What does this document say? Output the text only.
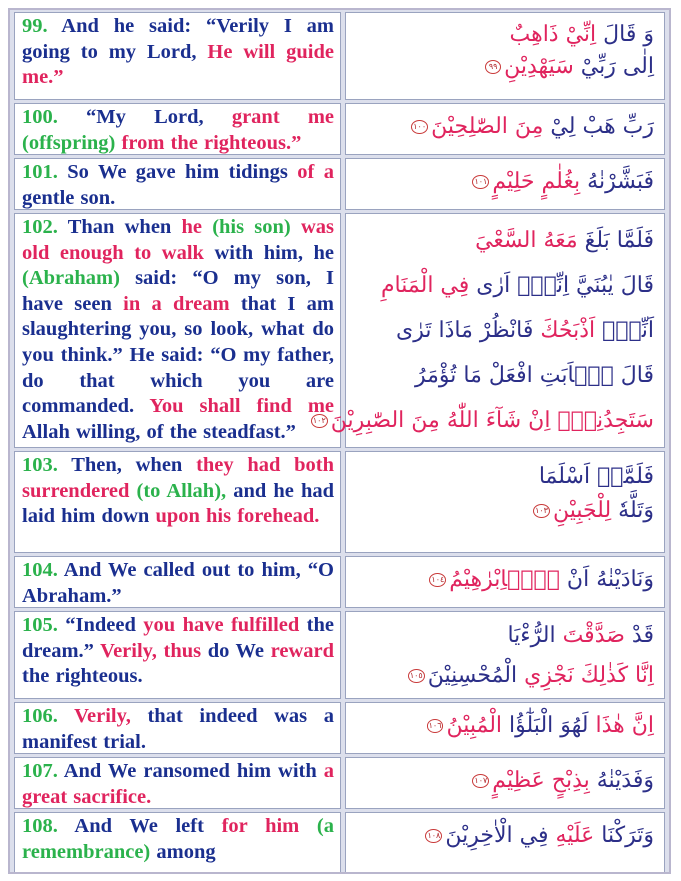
99. And he said: “Verily I am going to my Lord, He will guide me.”

وَ قَالَ اِنِّيْ ذَاهِبٌ
اِلٰى رَبِّيْ سَيَهْدِيْنِ٩٩

100. “My Lord, grant me (offspring) from the righteous.”

رَبِّ هَبْ لِيْ مِنَ الصّٰلِحِيْنَ١٠٠

101. So We gave him tidings of a gentle son.

فَبَشَّرْنٰهُ بِغُلٰمٍ حَلِيْمٍ١٠١

102. Than when he (his son) was old enough to walk with him, he (Abraham) said: “O my son, I have seen in a dream that I am slaughtering you, so look, what do you think.” He said: “O my father, do that which you are commanded. You shall find me Allah willing, of the steadfast.”

فَلَمَّا بَلَغَ مَعَهُ السَّعْيَ
قَالَ يٰبُنَيَّ اِنِّيْۤ اَرٰى فِي الْمَنَامِ
اَنِّيْۤ اَذْبَحُكَ فَانْظُرْ مَاذَا تَرٰى
قَالَ يٰۤاَبَتِ افْعَلْ مَا تُؤْمَرُ
سَتَجِدُنِيْۤ اِنْ شَآءَ اللّٰهُ مِنَ الصّٰبِرِيْنَ١٠٢

103. Then, when they had both surrendered (to Allah), and he had laid him down upon his forehead.

فَلَمَّاۤ اَسْلَمَا
وَتَلَّهٗ لِلْجَبِيْنِ١٠٣

104. And We called out to him, “O Abraham.”

وَنَادَيْنٰهُ اَنْ يّٰۤاِبْرٰهِيْمُ١٠٤

105. “Indeed you have fulfilled the dream.” Verily, thus do We reward the righteous.

قَدْ صَدَّقْتَ الرُّءْيَا
اِنَّا كَذٰلِكَ نَجْزِي الْمُحْسِنِيْنَ١٠٥

106. Verily, that indeed was a manifest trial.

اِنَّ هٰذَا لَهُوَ الْبَلٰٓؤُا الْمُبِيْنُ١٠٦

107. And We ransomed him with a great sacrifice.

وَفَدَيْنٰهُ بِذِبْحٍ عَظِيْمٍ١٠٧

108. And We left for him (a remembrance) among

وَتَرَكْنَا عَلَيْهِ فِي الْاٰخِرِيْنَ١٠٨
